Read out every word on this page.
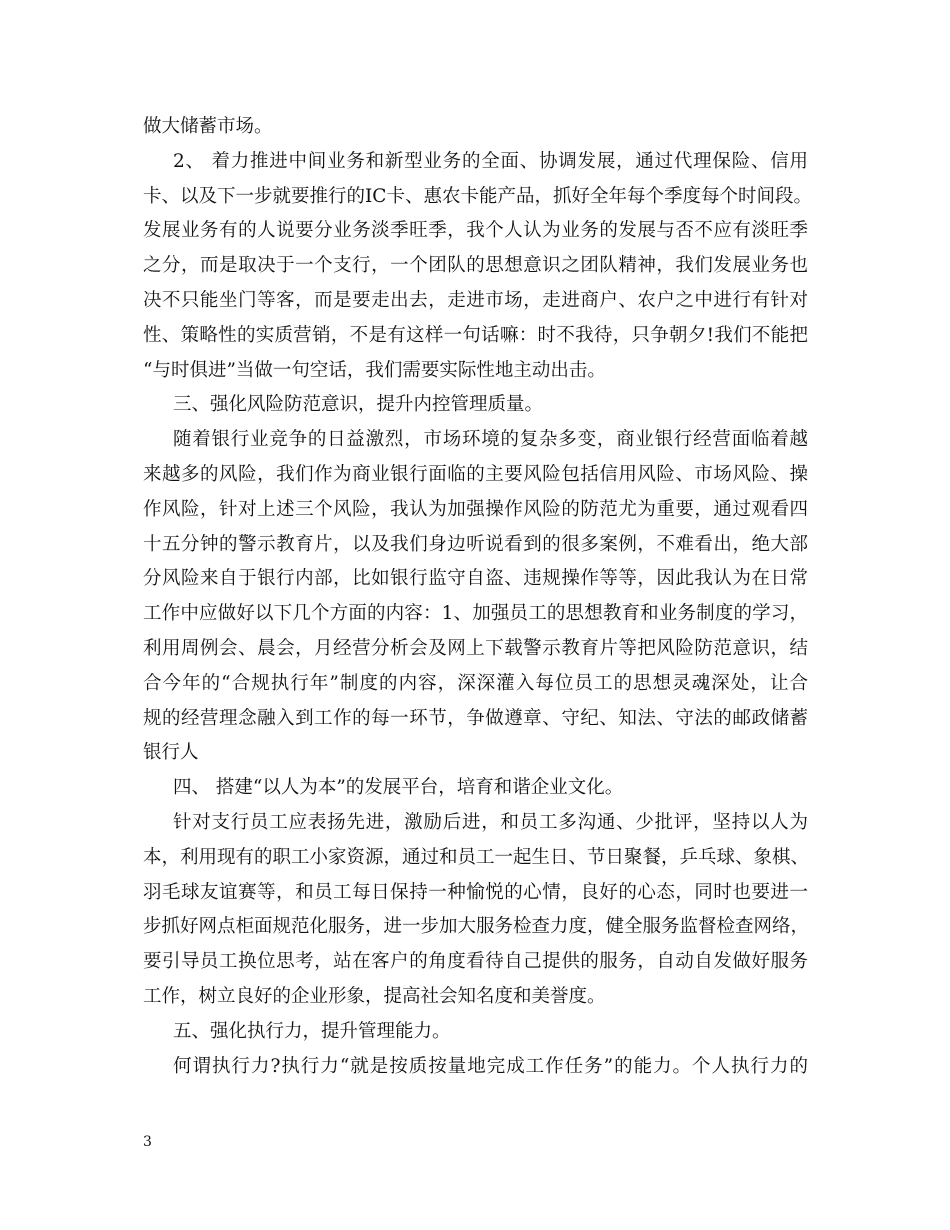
做大储蓄市场。
2、 着力推进中间业务和新型业务的全面、协调发展，通过代理保险、信用
卡、以及下一步就要推行的IC卡、惠农卡能产品，抓好全年每个季度每个时间段。
发展业务有的人说要分业务淡季旺季，我个人认为业务的发展与否不应有淡旺季
之分，而是取决于一个支行，一个团队的思想意识之团队精神，我们发展业务也
决不只能坐门等客，而是要走出去，走进市场，走进商户、农户之中进行有针对
性、策略性的实质营销，不是有这样一句话嘛：时不我待，只争朝夕!我们不能把
“与时俱进”当做一句空话，我们需要实际性地主动出击。
三、强化风险防范意识，提升内控管理质量。
随着银行业竞争的日益激烈，市场环境的复杂多变，商业银行经营面临着越
来越多的风险，我们作为商业银行面临的主要风险包括信用风险、市场风险、操
作风险，针对上述三个风险，我认为加强操作风险的防范尤为重要，通过观看四
十五分钟的警示教育片，以及我们身边听说看到的很多案例，不难看出，绝大部
分风险来自于银行内部，比如银行监守自盗、违规操作等等，因此我认为在日常
工作中应做好以下几个方面的内容：1、加强员工的思想教育和业务制度的学习，
利用周例会、晨会，月经营分析会及网上下载警示教育片等把风险防范意识，结
合今年的“合规执行年”制度的内容，深深灌入每位员工的思想灵魂深处，让合
规的经营理念融入到工作的每一环节，争做遵章、守纪、知法、守法的邮政储蓄
银行人
四、 搭建“以人为本”的发展平台，培育和谐企业文化。
针对支行员工应表扬先进，激励后进，和员工多沟通、少批评，坚持以人为
本，利用现有的职工小家资源，通过和员工一起生日、节日聚餐，乒乓球、象棋、
羽毛球友谊赛等，和员工每日保持一种愉悦的心情，良好的心态，同时也要进一
步抓好网点柜面规范化服务，进一步加大服务检查力度，健全服务监督检查网络，
要引导员工换位思考，站在客户的角度看待自己提供的服务，自动自发做好服务
工作，树立良好的企业形象，提高社会知名度和美誉度。
五、强化执行力，提升管理能力。
何谓执行力?执行力“就是按质按量地完成工作任务”的能力。个人执行力的
3
